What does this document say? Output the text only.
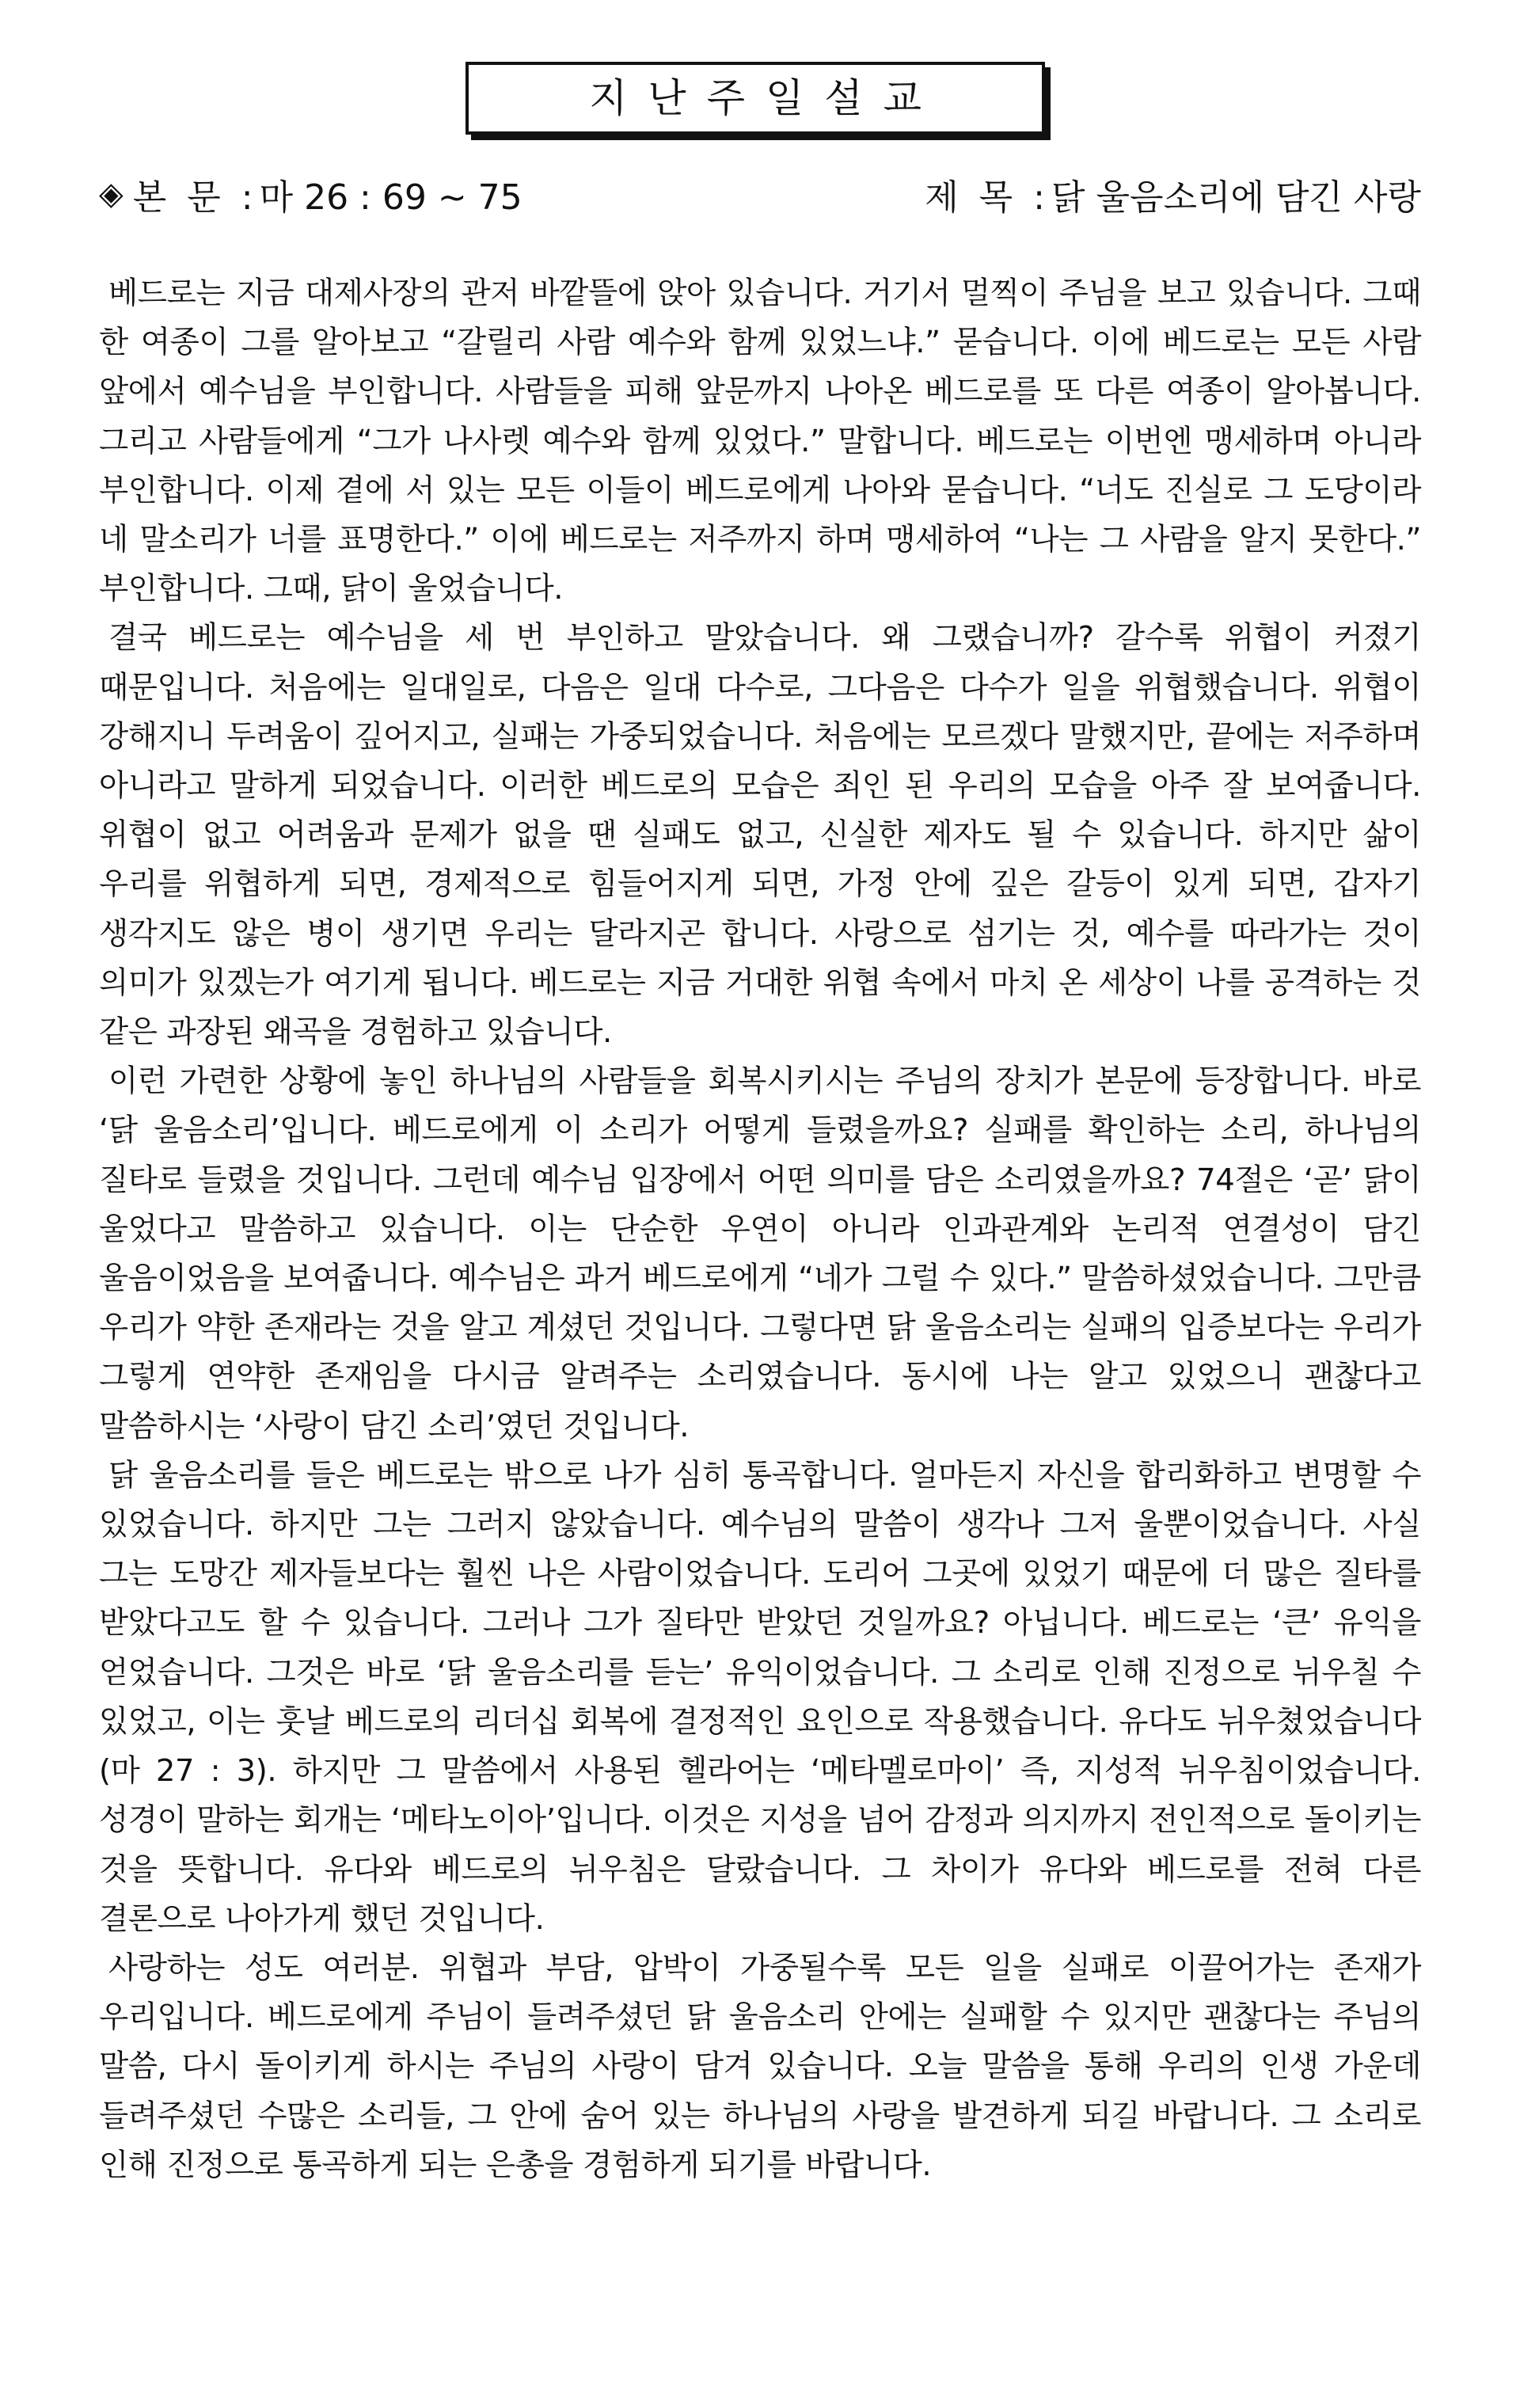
지난주일설교
◈ 본 문 : 마 26 : 69 ~ 75	제 목 : 닭 울음소리에 담긴 사랑

베드로는 지금 대제사장의 관저 바깥뜰에 앉아 있습니다. 거기서 멀찍이 주님을 보고 있습니다. 그때 한 여종이 그를 알아보고 “갈릴리 사람 예수와 함께 있었느냐.” 묻습니다. 이에 베드로는 모든 사람 앞에서 예수님을 부인합니다. 사람들을 피해 앞문까지 나아온 베드로를 또 다른 여종이 알아봅니다. 그리고 사람들에게 “그가 나사렛 예수와 함께 있었다.” 말합니다. 베드로는 이번엔 맹세하며 아니라 부인합니다. 이제 곁에 서 있는 모든 이들이 베드로에게 나아와 묻습니다. “너도 진실로 그 도당이라 네 말소리가 너를 표명한다.” 이에 베드로는 저주까지 하며 맹세하여 “나는 그 사람을 알지 못한다.” 부인합니다. 그때, 닭이 울었습니다.

결국 베드로는 예수님을 세 번 부인하고 말았습니다. 왜 그랬습니까? 갈수록 위협이 커졌기 때문입니다. 처음에는 일대일로, 다음은 일대 다수로, 그다음은 다수가 일을 위협했습니다. 위협이 강해지니 두려움이 깊어지고, 실패는 가중되었습니다. 처음에는 모르겠다 말했지만, 끝에는 저주하며 아니라고 말하게 되었습니다. 이러한 베드로의 모습은 죄인 된 우리의 모습을 아주 잘 보여줍니다. 위협이 없고 어려움과 문제가 없을 땐 실패도 없고, 신실한 제자도 될 수 있습니다. 하지만 삶이 우리를 위협하게 되면, 경제적으로 힘들어지게 되면, 가정 안에 깊은 갈등이 있게 되면, 갑자기 생각지도 않은 병이 생기면 우리는 달라지곤 합니다. 사랑으로 섬기는 것, 예수를 따라가는 것이 의미가 있겠는가 여기게 됩니다. 베드로는 지금 거대한 위협 속에서 마치 온 세상이 나를 공격하는 것 같은 과장된 왜곡을 경험하고 있습니다.

이런 가련한 상황에 놓인 하나님의 사람들을 회복시키시는 주님의 장치가 본문에 등장합니다. 바로 ‘닭 울음소리’입니다. 베드로에게 이 소리가 어떻게 들렸을까요? 실패를 확인하는 소리, 하나님의 질타로 들렸을 것입니다. 그런데 예수님 입장에서 어떤 의미를 담은 소리였을까요? 74절은 ‘곧’ 닭이 울었다고 말씀하고 있습니다. 이는 단순한 우연이 아니라 인과관계와 논리적 연결성이 담긴 울음이었음을 보여줍니다. 예수님은 과거 베드로에게 “네가 그럴 수 있다.” 말씀하셨었습니다. 그만큼 우리가 약한 존재라는 것을 알고 계셨던 것입니다. 그렇다면 닭 울음소리는 실패의 입증보다는 우리가 그렇게 연약한 존재임을 다시금 알려주는 소리였습니다. 동시에 나는 알고 있었으니 괜찮다고 말씀하시는 ‘사랑이 담긴 소리’였던 것입니다.

닭 울음소리를 들은 베드로는 밖으로 나가 심히 통곡합니다. 얼마든지 자신을 합리화하고 변명할 수 있었습니다. 하지만 그는 그러지 않았습니다. 예수님의 말씀이 생각나 그저 울뿐이었습니다. 사실 그는 도망간 제자들보다는 훨씬 나은 사람이었습니다. 도리어 그곳에 있었기 때문에 더 많은 질타를 받았다고도 할 수 있습니다. 그러나 그가 질타만 받았던 것일까요? 아닙니다. 베드로는 ‘큰’ 유익을 얻었습니다. 그것은 바로 ‘닭 울음소리를 듣는’ 유익이었습니다. 그 소리로 인해 진정으로 뉘우칠 수 있었고, 이는 훗날 베드로의 리더십 회복에 결정적인 요인으로 작용했습니다. 유다도 뉘우쳤었습니다(마 27 : 3). 하지만 그 말씀에서 사용된 헬라어는 ‘메타멜로마이’ 즉, 지성적 뉘우침이었습니다. 성경이 말하는 회개는 ‘메타노이아’입니다. 이것은 지성을 넘어 감정과 의지까지 전인적으로 돌이키는 것을 뜻합니다. 유다와 베드로의 뉘우침은 달랐습니다. 그 차이가 유다와 베드로를 전혀 다른 결론으로 나아가게 했던 것입니다.

사랑하는 성도 여러분. 위협과 부담, 압박이 가중될수록 모든 일을 실패로 이끌어가는 존재가 우리입니다. 베드로에게 주님이 들려주셨던 닭 울음소리 안에는 실패할 수 있지만 괜찮다는 주님의 말씀, 다시 돌이키게 하시는 주님의 사랑이 담겨 있습니다. 오늘 말씀을 통해 우리의 인생 가운데 들려주셨던 수많은 소리들, 그 안에 숨어 있는 하나님의 사랑을 발견하게 되길 바랍니다. 그 소리로 인해 진정으로 통곡하게 되는 은총을 경험하게 되기를 바랍니다.
